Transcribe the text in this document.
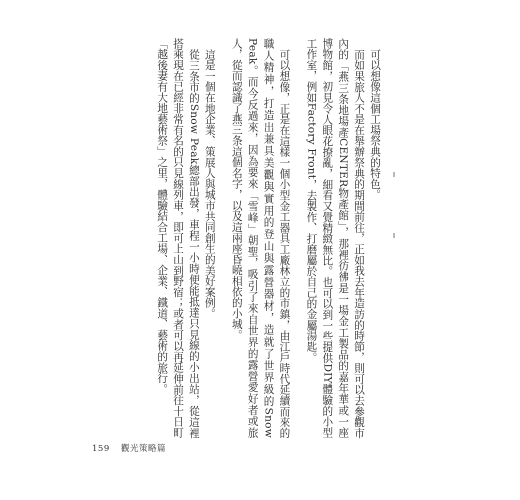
可以想像這個工場祭典的特色。

而如果旅人不是在舉辦祭典的期間前往，正如我去年造訪的時節，則可以去參觀市內的「燕三条地場產CENTER物產館」，那裡彷彿是一場金工製品的嘉年華或一座博物館，初見令人眼花撩亂，細看又覺精緻無比。也可以到一些提供DIY體驗的小型工作室，例如Factory Front，去製作、打磨屬於自己的金屬湯匙。

可以想像，正是在這樣一個小型金工器具工廠林立的市鎮，由江戶時代延續而來的職人精神，打造出兼具美觀與實用的登山與露營器材，造就了世界級的Snow Peak。而今反過來，因為要來「雪峰」朝聖，吸引了來自世界的露營愛好者或旅人，從而認識了燕三条這個名字，以及這兩座昏曉相依的小城。

這是一個在地企業、策展人與城市共同創生的美好案例。

從三条市的Snow Peak總部出發，車程一小時便能抵達只見線的小出站，從這裡搭乘現在已經非常有名的只見線列車，即可上山到野宿；或者可以再延伸前往十日町「越後妻有大地藝術祭」之里，體驗結合工場、企業、鐵道、藝術的旅行。

159 觀光策略篇
